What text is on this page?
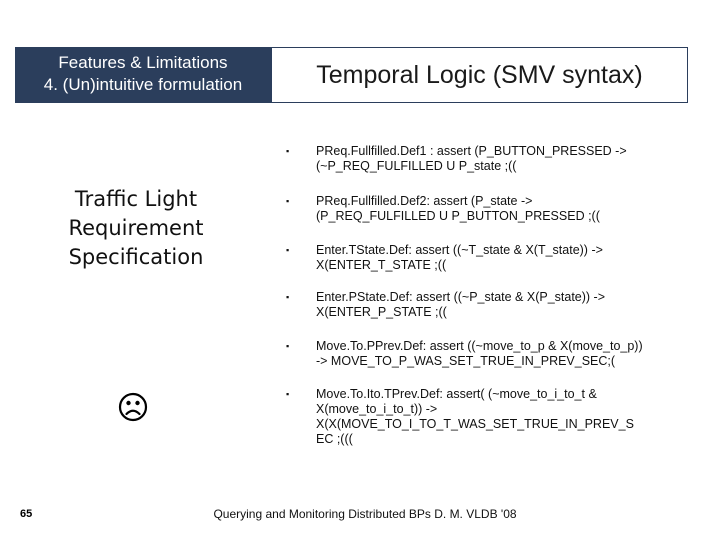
Features & Limitations
4. (Un)intuitive formulation	Temporal Logic (SMV syntax)
Traffic Light
Requirement
Specification
▪ PReq.Fullfilled.Def1 : assert (P_BUTTON_PRESSED ->
(~P_REQ_FULFILLED U P_state ;((
▪ PReq.Fullfilled.Def2: assert (P_state ->
(P_REQ_FULFILLED U P_BUTTON_PRESSED ;((
▪ Enter.TState.Def: assert ((~T_state & X(T_state)) ->
X(ENTER_T_STATE ;((
▪ Enter.PState.Def: assert ((~P_state & X(P_state)) ->
X(ENTER_P_STATE ;((
▪ Move.To.PPrev.Def: assert ((~move_to_p & X(move_to_p))
-> MOVE_TO_P_WAS_SET_TRUE_IN_PREV_SEC;(
▪ Move.To.Ito.TPrev.Def: assert( (~move_to_i_to_t &
X(move_to_i_to_t)) ->
X(X(MOVE_TO_I_TO_T_WAS_SET_TRUE_IN_PREV_S
EC ;(((
65	Querying and Monitoring Distributed BPs D. M. VLDB '08
